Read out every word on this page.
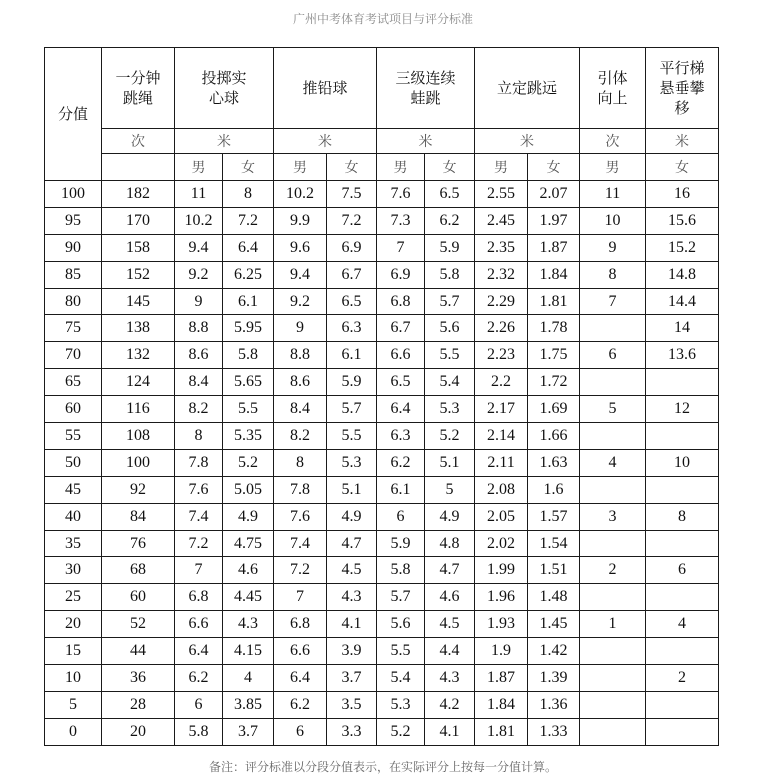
广州中考体育考试项目与评分标准
分值	一分钟跳绳	投掷实心球		推铅球		三级连续蛙跳		立定跳远		引体向上	平行梯悬垂攀移

	次	米		米		米		米		次	米
		男	女	男	女	男	女	男	女	男	女
100	182	11	8	10.2	7.5	7.6	6.5	2.55	2.07	11	16
95	170	10.2	7.2	9.9	7.2	7.3	6.2	2.45	1.97	10	15.6
90	158	9.4	6.4	9.6	6.9	7	5.9	2.35	1.87	9	15.2
85	152	9.2	6.25	9.4	6.7	6.9	5.8	2.32	1.84	8	14.8
80	145	9	6.1	9.2	6.5	6.8	5.7	2.29	1.81	7	14.4
75	138	8.8	5.95	9	6.3	6.7	5.6	2.26	1.78		14
70	132	8.6	5.8	8.8	6.1	6.6	5.5	2.23	1.75	6	13.6
65	124	8.4	5.65	8.6	5.9	6.5	5.4	2.2	1.72		
60	116	8.2	5.5	8.4	5.7	6.4	5.3	2.17	1.69	5	12
55	108	8	5.35	8.2	5.5	6.3	5.2	2.14	1.66		
50	100	7.8	5.2	8	5.3	6.2	5.1	2.11	1.63	4	10
45	92	7.6	5.05	7.8	5.1	6.1	5	2.08	1.6		
40	84	7.4	4.9	7.6	4.9	6	4.9	2.05	1.57	3	8
35	76	7.2	4.75	7.4	4.7	5.9	4.8	2.02	1.54		
30	68	7	4.6	7.2	4.5	5.8	4.7	1.99	1.51	2	6
25	60	6.8	4.45	7	4.3	5.7	4.6	1.96	1.48		
20	52	6.6	4.3	6.8	4.1	5.6	4.5	1.93	1.45	1	4
15	44	6.4	4.15	6.6	3.9	5.5	4.4	1.9	1.42		
10	36	6.2	4	6.4	3.7	5.4	4.3	1.87	1.39		2
5	28	6	3.85	6.2	3.5	5.3	4.2	1.84	1.36		
0	20	5.8	3.7	6	3.3	5.2	4.1	1.81	1.33		
备注：评分标准以分段分值表示，在实际评分上按每一分值计算。
